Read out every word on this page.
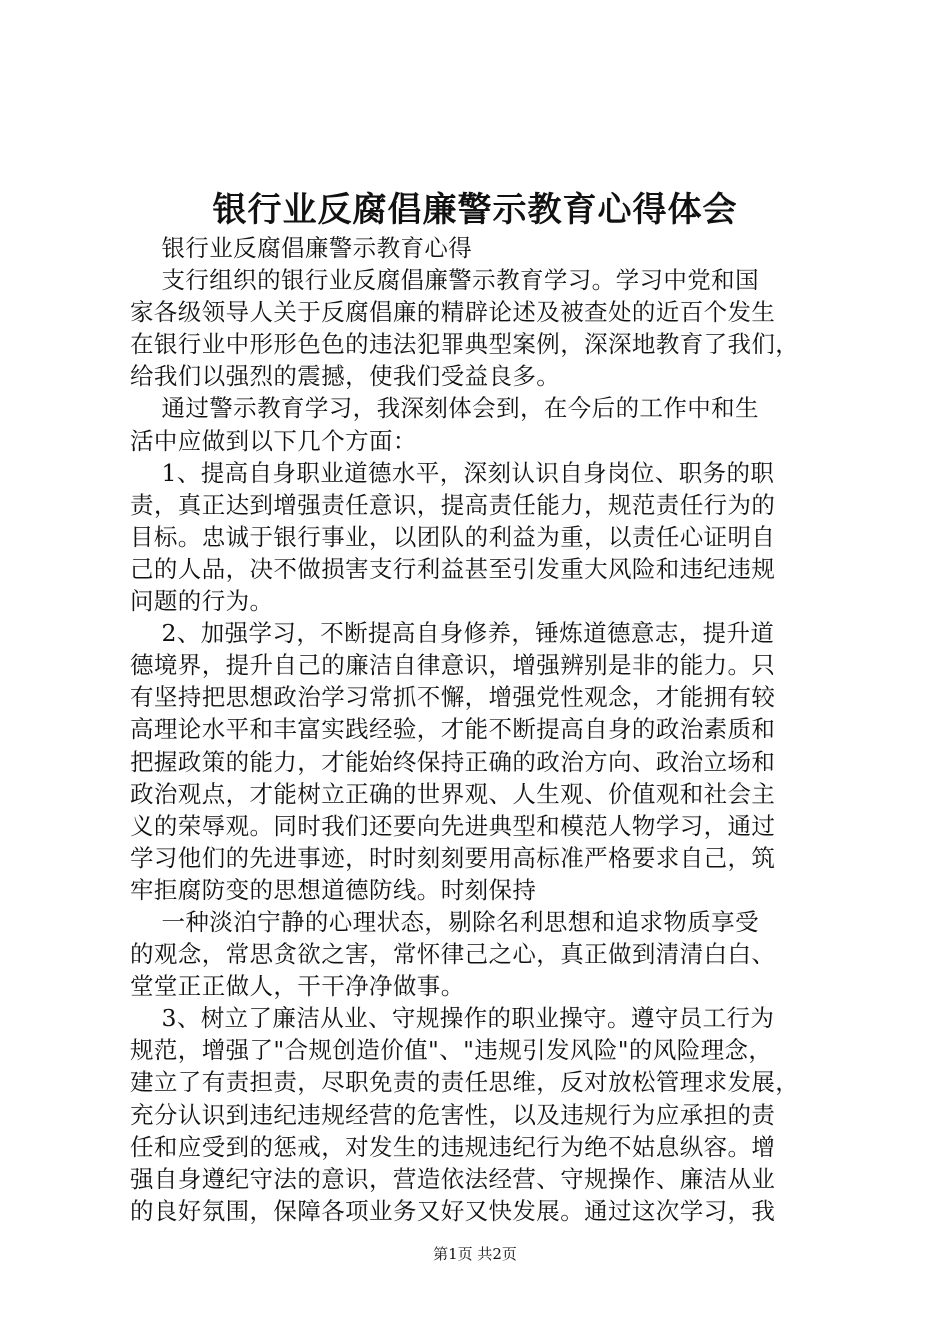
银行业反腐倡廉警示教育心得体会
银行业反腐倡廉警示教育心得
支行组织的银行业反腐倡廉警示教育学习。学习中党和国
家各级领导人关于反腐倡廉的精辟论述及被查处的近百个发生
在银行业中形形色色的违法犯罪典型案例，深深地教育了我们，
给我们以强烈的震撼，使我们受益良多。
通过警示教育学习，我深刻体会到，在今后的工作中和生
活中应做到以下几个方面：
1、提高自身职业道德水平，深刻认识自身岗位、职务的职
责，真正达到增强责任意识，提高责任能力，规范责任行为的
目标。忠诚于银行事业，以团队的利益为重，以责任心证明自
己的人品，决不做损害支行利益甚至引发重大风险和违纪违规
问题的行为。
2、加强学习，不断提高自身修养，锤炼道德意志，提升道
德境界，提升自己的廉洁自律意识，增强辨别是非的能力。只
有坚持把思想政治学习常抓不懈，增强党性观念，才能拥有较
高理论水平和丰富实践经验，才能不断提高自身的政治素质和
把握政策的能力，才能始终保持正确的政治方向、政治立场和
政治观点，才能树立正确的世界观、人生观、价值观和社会主
义的荣辱观。同时我们还要向先进典型和模范人物学习，通过
学习他们的先进事迹，时时刻刻要用高标准严格要求自己，筑
牢拒腐防变的思想道德防线。时刻保持
一种淡泊宁静的心理状态，剔除名利思想和追求物质享受
的观念，常思贪欲之害，常怀律己之心，真正做到清清白白、
堂堂正正做人，干干净净做事。
3、树立了廉洁从业、守规操作的职业操守。遵守员工行为
规范，增强了"合规创造价值"、"违规引发风险"的风险理念，
建立了有责担责，尽职免责的责任思维，反对放松管理求发展，
充分认识到违纪违规经营的危害性，以及违规行为应承担的责
任和应受到的惩戒，对发生的违规违纪行为绝不姑息纵容。增
强自身遵纪守法的意识，营造依法经营、守规操作、廉洁从业
的良好氛围，保障各项业务又好又快发展。通过这次学习，我
第1页 共2页
